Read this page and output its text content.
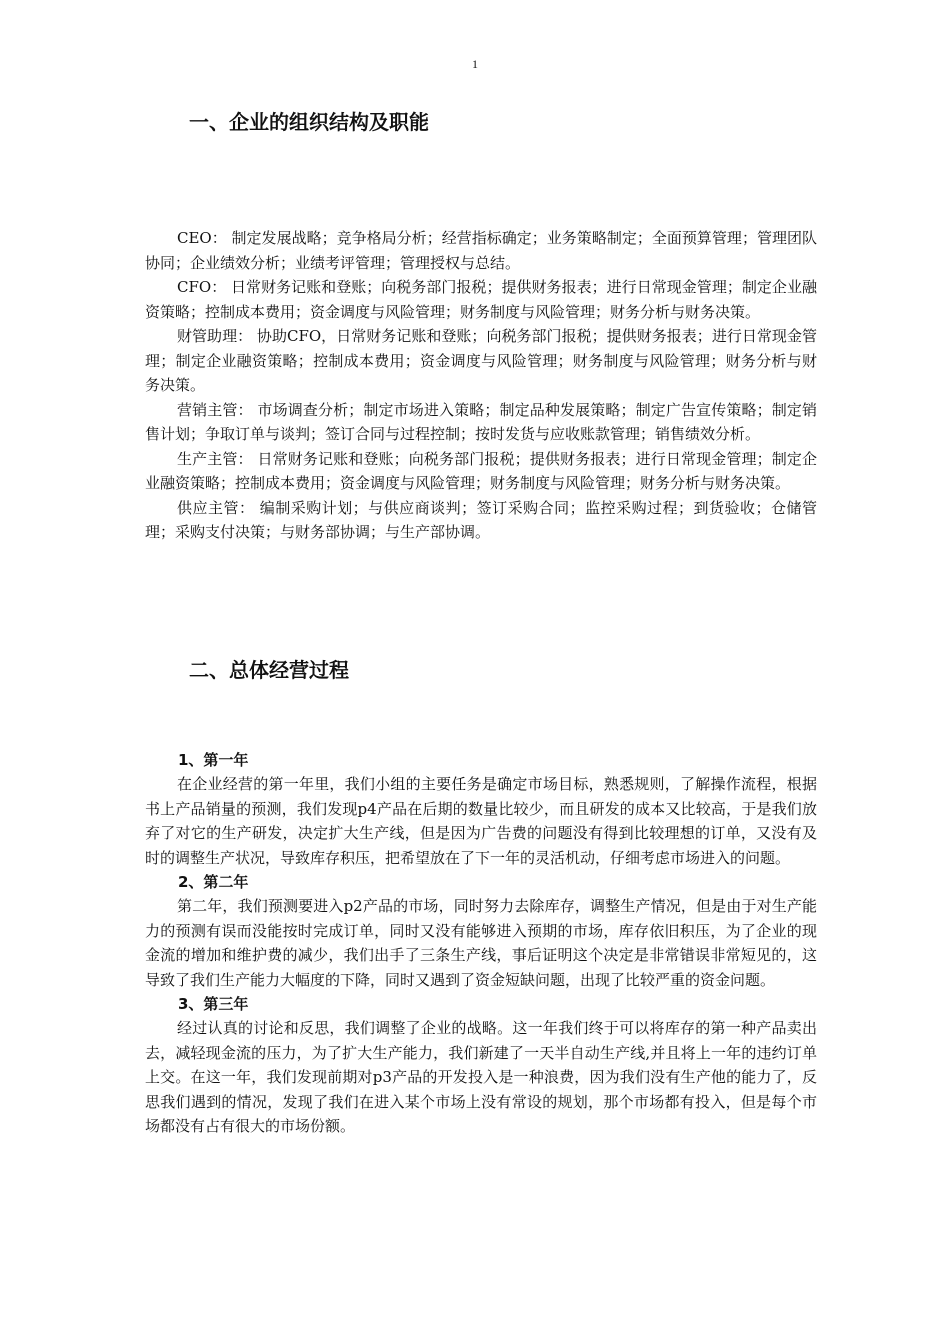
1
一、企业的组织结构及职能

CEO： 制定发展战略；竞争格局分析；经营指标确定；业务策略制定；全面预算管理；管理团队协同；企业绩效分析；业绩考评管理；管理授权与总结。

CFO： 日常财务记账和登账；向税务部门报税；提供财务报表；进行日常现金管理；制定企业融资策略；控制成本费用；资金调度与风险管理；财务制度与风险管理；财务分析与财务决策。

财管助理： 协助CFO，日常财务记账和登账；向税务部门报税；提供财务报表；进行日常现金管理；制定企业融资策略；控制成本费用；资金调度与风险管理；财务制度与风险管理；财务分析与财务决策。

营销主管： 市场调查分析；制定市场进入策略；制定品种发展策略；制定广告宣传策略；制定销售计划；争取订单与谈判；签订合同与过程控制；按时发货与应收账款管理；销售绩效分析。

生产主管： 日常财务记账和登账；向税务部门报税；提供财务报表；进行日常现金管理；制定企业融资策略；控制成本费用；资金调度与风险管理；财务制度与风险管理；财务分析与财务决策。

供应主管： 编制采购计划；与供应商谈判；签订采购合同；监控采购过程；到货验收；仓储管理；采购支付决策；与财务部协调；与生产部协调。

二、总体经营过程
1、第一年

在企业经营的第一年里，我们小组的主要任务是确定市场目标，熟悉规则，了解操作流程，根据书上产品销量的预测，我们发现p4产品在后期的数量比较少，而且研发的成本又比较高，于是我们放弃了对它的生产研发，决定扩大生产线，但是因为广告费的问题没有得到比较理想的订单，又没有及时的调整生产状况，导致库存积压，把希望放在了下一年的灵活机动，仔细考虑市场进入的问题。

2、第二年

第二年，我们预测要进入p2产品的市场，同时努力去除库存，调整生产情况，但是由于对生产能力的预测有误而没能按时完成订单，同时又没有能够进入预期的市场，库存依旧积压，为了企业的现金流的增加和维护费的减少，我们出手了三条生产线，事后证明这个决定是非常错误非常短见的，这导致了我们生产能力大幅度的下降，同时又遇到了资金短缺问题，出现了比较严重的资金问题。

3、第三年

经过认真的讨论和反思，我们调整了企业的战略。这一年我们终于可以将库存的第一种产品卖出去，减轻现金流的压力，为了扩大生产能力，我们新建了一天半自动生产线,并且将上一年的违约订单上交。在这一年，我们发现前期对p3产品的开发投入是一种浪费，因为我们没有生产他的能力了，反思我们遇到的情况，发现了我们在进入某个市场上没有常设的规划，那个市场都有投入，但是每个市场都没有占有很大的市场份额。
